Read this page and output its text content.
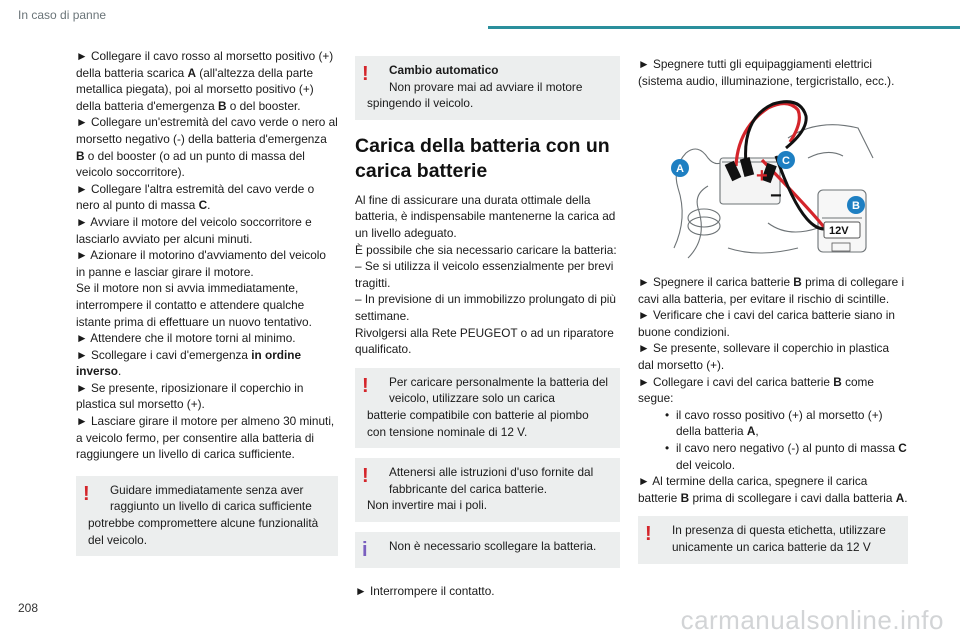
In caso di panne

► Collegare il cavo rosso al morsetto positivo (+) della batteria scarica A (all'altezza della parte metallica piegata), poi al morsetto positivo (+) della batteria d'emergenza B o del booster.

► Collegare un'estremità del cavo verde o nero al morsetto negativo (-) della batteria d'emergenza B o del booster (o ad un punto di massa del veicolo soccorritore).

► Collegare l'altra estremità del cavo verde o nero al punto di massa C.

► Avviare il motore del veicolo soccorritore e lasciarlo avviato per alcuni minuti.

► Azionare il motorino d'avviamento del veicolo in panne e lasciar girare il motore.

Se il motore non si avvia immediatamente, interrompere il contatto e attendere qualche istante prima di effettuare un nuovo tentativo.

► Attendere che il motore torni al minimo.

► Scollegare i cavi d'emergenza in ordine inverso.

► Se presente, riposizionare il coperchio in plastica sul morsetto (+).

► Lasciare girare il motore per almeno 30 minuti, a veicolo fermo, per consentire alla batteria di raggiungere un livello di carica sufficiente.

!	Guidare immediatamente senza aver raggiunto un livello di carica sufficiente

potrebbe compromettere alcune funzionalità del veicolo.

!	Cambio automatico

Non provare mai ad avviare il motore

spingendo il veicolo.

Carica della batteria con un carica batterie

Al fine di assicurare una durata ottimale della batteria, è indispensabile mantenerne la carica ad un livello adeguato.

È possibile che sia necessario caricare la batteria:

– Se si utilizza il veicolo essenzialmente per brevi tragitti.

– In previsione di un immobilizzo prolungato di più settimane.

Rivolgersi alla Rete PEUGEOT o ad un riparatore qualificato.

!	Per caricare personalmente la batteria del veicolo, utilizzare solo un carica

batterie compatibile con batterie al piombo con tensione nominale di 12 V.

!	Attenersi alle istruzioni d'uso fornite dal fabbricante del carica batterie.

Non invertire mai i poli.

i	Non è necessario scollegare la batteria.

► Interrompere il contatto.

► Spegnere tutti gli equipaggiamenti elettrici (sistema audio, illuminazione, tergicristallo, ecc.).

+
−
12V
A
B
C

► Spegnere il carica batterie B prima di collegare i cavi alla batteria, per evitare il rischio di scintille.

► Verificare che i cavi del carica batterie siano in buone condizioni.

► Se presente, sollevare il coperchio in plastica dal morsetto (+).

► Collegare i cavi del carica batterie B come segue:

• il cavo rosso positivo (+) al morsetto (+) della batteria A,

• il cavo nero negativo (-) al punto di massa C del veicolo.

► Al termine della carica, spegnere il carica batterie B prima di scollegare i cavi dalla batteria A.

!	In presenza di questa etichetta, utilizzare unicamente un carica batterie da 12 V

208	carmanualsonline.info
